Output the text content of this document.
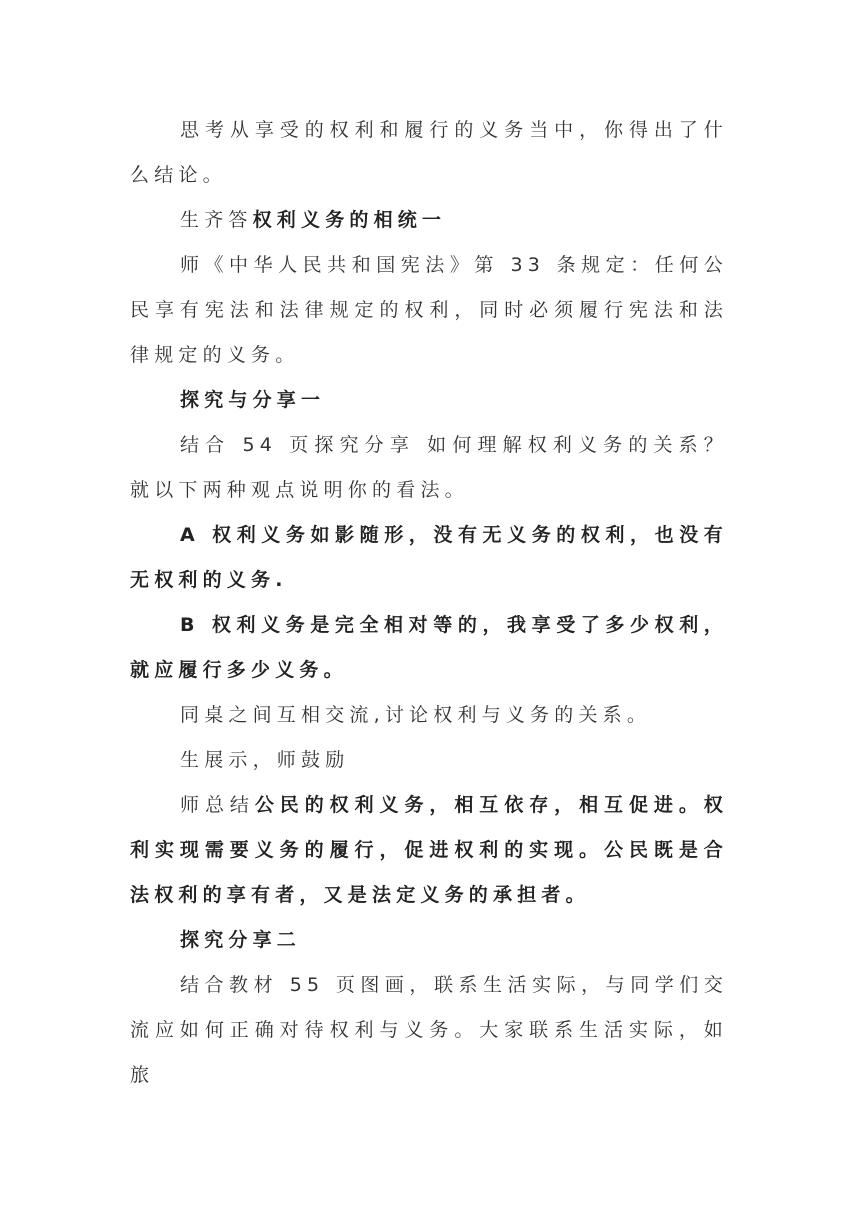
思考从享受的权利和履行的义务当中，你得出了什么结论。

生齐答权利义务的相统一

师《中华人民共和国宪法》第 33 条规定：任何公民享有宪法和法律规定的权利，同时必须履行宪法和法律规定的义务。

探究与分享一

结合 54 页探究分享 如何理解权利义务的关系？就以下两种观点说明你的看法。

A 权利义务如影随形，没有无义务的权利，也没有无权利的义务.

B 权利义务是完全相对等的，我享受了多少权利，就应履行多少义务。

同桌之间互相交流,讨论权利与义务的关系。

生展示，师鼓励

师总结公民的权利义务，相互依存，相互促进。权利实现需要义务的履行，促进权利的实现。公民既是合法权利的享有者，又是法定义务的承担者。

探究分享二

结合教材 55 页图画，联系生活实际，与同学们交流应如何正确对待权利与义务。大家联系生活实际，如旅
